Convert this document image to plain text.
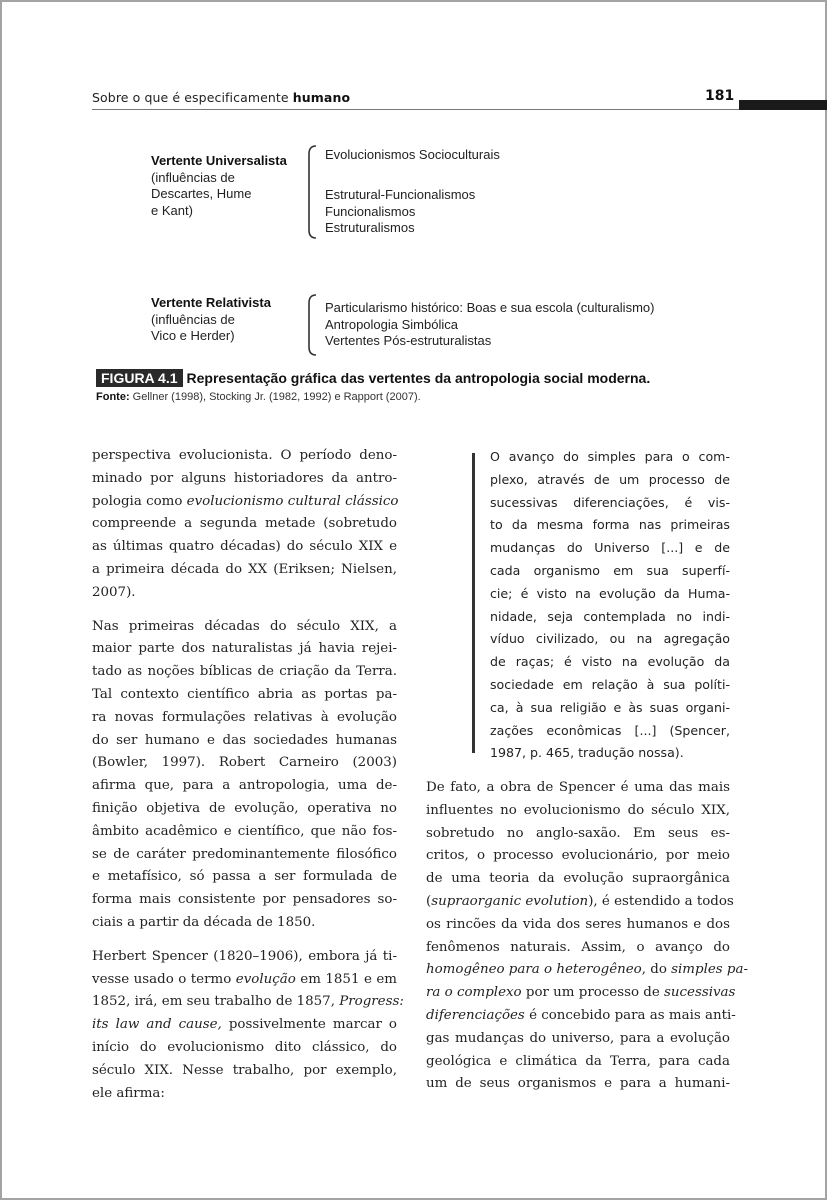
Sobre o que é especificamente humano	181
Vertente Universalista
(influências de
Descartes, Hume
e Kant)
Evolucionismos Socioculturais
Estrutural-Funcionalismos
Funcionalismos
Estruturalismos
Vertente Relativista
(influências de
Vico e Herder)
Particularismo histórico: Boas e sua escola (culturalismo)
Antropologia Simbólica
Vertentes Pós-estruturalistas
FIGURA 4.1 Representação gráfica das vertentes da antropologia social moderna.
Fonte: Gellner (1998), Stocking Jr. (1982, 1992) e Rapport (2007).

perspectiva evolucionista. O período deno-
minado por alguns historiadores da antro-
pologia como evolucionismo cultural clássico
compreende a segunda metade (sobretudo
as últimas quatro décadas) do século XIX e
a primeira década do XX (Eriksen; Nielsen,
2007).

Nas primeiras décadas do século XIX, a
maior parte dos naturalistas já havia rejei-
tado as noções bíblicas de criação da Terra.
Tal contexto científico abria as portas pa-
ra novas formulações relativas à evolução
do ser humano e das sociedades humanas
(Bowler, 1997). Robert Carneiro (2003)
afirma que, para a antropologia, uma de-
finição objetiva de evolução, operativa no
âmbito acadêmico e científico, que não fos-
se de caráter predominantemente filosófico
e metafísico, só passa a ser formulada de
forma mais consistente por pensadores so-
ciais a partir da década de 1850.

Herbert Spencer (1820–1906), embora já ti-
vesse usado o termo evolução em 1851 e em
1852, irá, em seu trabalho de 1857, Progress:
its law and cause, possivelmente marcar o
início do evolucionismo dito clássico, do
século XIX. Nesse trabalho, por exemplo,
ele afirma:

O avanço do simples para o com-
plexo, através de um processo de
sucessivas diferenciações, é vis-
to da mesma forma nas primeiras
mudanças do Universo [...] e de
cada organismo em sua superfí-
cie; é visto na evolução da Huma-
nidade, seja contemplada no indi-
víduo civilizado, ou na agregação
de raças; é visto na evolução da
sociedade em relação à sua políti-
ca, à sua religião e às suas organi-
zações econômicas [...] (Spencer,
1987, p. 465, tradução nossa).

De fato, a obra de Spencer é uma das mais
influentes no evolucionismo do século XIX,
sobretudo no anglo-saxão. Em seus es-
critos, o processo evolucionário, por meio
de uma teoria da evolução supraorgânica
(supraorganic evolution), é estendido a todos
os rincões da vida dos seres humanos e dos
fenômenos naturais. Assim, o avanço do
homogêneo para o heterogêneo, do simples pa-
ra o complexo por um processo de sucessivas
diferenciações é concebido para as mais anti-
gas mudanças do universo, para a evolução
geológica e climática da Terra, para cada
um de seus organismos e para a humani-
